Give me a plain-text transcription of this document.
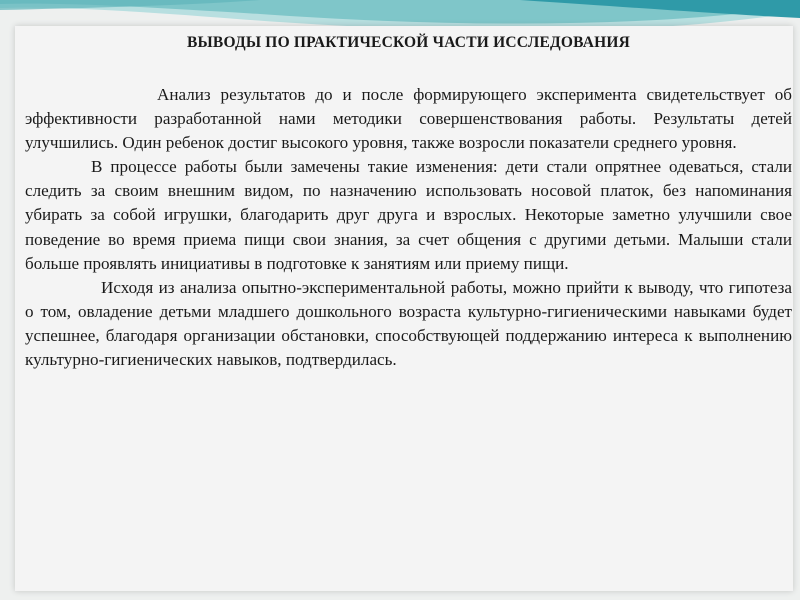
ВЫВОДЫ ПО ПРАКТИЧЕСКОЙ ЧАСТИ ИССЛЕДОВАНИЯ

Анализ результатов до и после формирующего эксперимента свидетельствует об эффективности разработанной нами методики совершенствования работы. Результаты детей улучшились. Один ребенок достиг высокого уровня, также возросли показатели среднего уровня.

В процессе работы были замечены такие изменения: дети стали опрятнее одеваться, стали следить за своим внешним видом, по назначению использовать носовой платок, без напоминания убирать за собой игрушки, благодарить друг друга и взрослых. Некоторые заметно улучшили свое поведение во время приема пищи свои знания, за счет общения с другими детьми. Малыши стали больше проявлять инициативы в подготовке к занятиям или приему пищи.

Исходя из анализа опытно-экспериментальной работы, можно прийти к выводу, что гипотеза о том, овладение детьми младшего дошкольного возраста культурно-гигиеническими навыками будет успешнее, благодаря организации обстановки, способствующей поддержанию интереса к выполнению культурно-гигиенических навыков, подтвердилась.
